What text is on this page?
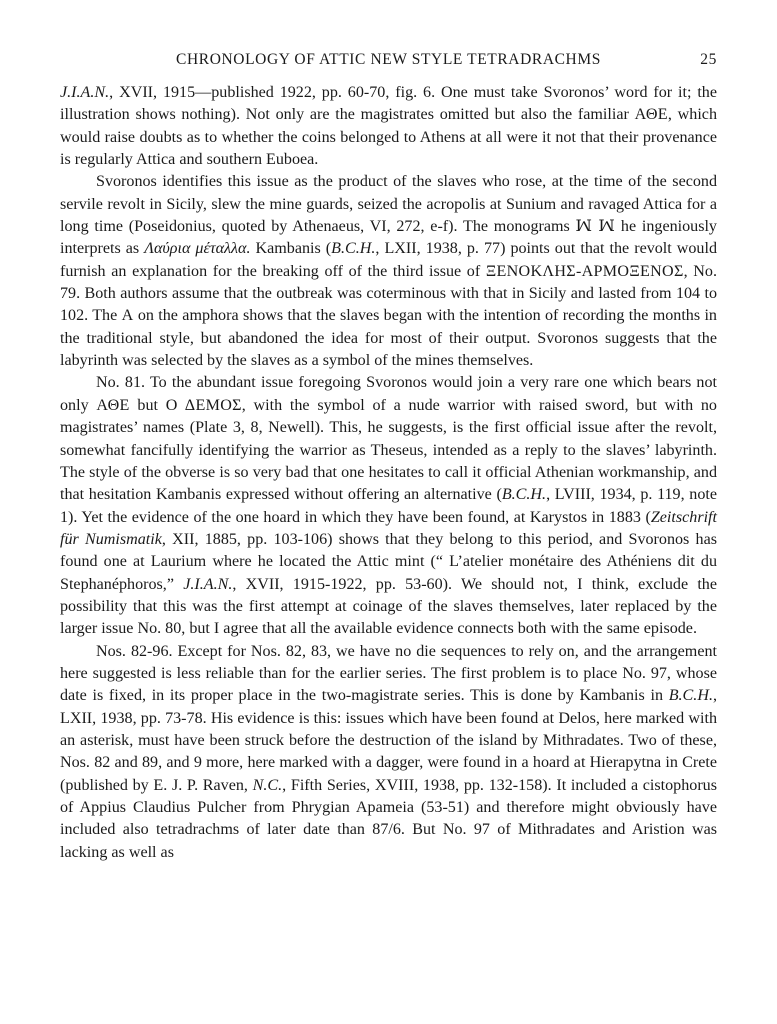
CHRONOLOGY OF ATTIC NEW STYLE TETRADRACHMS	25

J.I.A.N., XVII, 1915—published 1922, pp. 60-70, fig. 6. One must take Svoronos’ word for it; the illustration shows nothing). Not only are the magistrates omitted but also the familiar ΑΘΕ, which would raise doubts as to whether the coins belonged to Athens at all were it not that their provenance is regularly Attica and southern Euboea.

Svoronos identifies this issue as the product of the slaves who rose, at the time of the second servile revolt in Sicily, slew the mine guards, seized the acropolis at Sunium and ravaged Attica for a long time (Poseidonius, quoted by Athenaeus, VI, 272, e-f). The monograms ꟽ ꟽ he ingeniously interprets as Λαύρια μέταλλα. Kambanis (B.C.H., LXII, 1938, p. 77) points out that the revolt would furnish an explanation for the breaking off of the third issue of ΞΕΝΟΚΛΗΣ-ΑΡΜΟΞΕΝΟΣ, No. 79. Both authors assume that the outbreak was coterminous with that in Sicily and lasted from 104 to 102. The Α on the amphora shows that the slaves began with the intention of recording the months in the traditional style, but abandoned the idea for most of their output. Svoronos suggests that the labyrinth was selected by the slaves as a symbol of the mines themselves.

No. 81. To the abundant issue foregoing Svoronos would join a very rare one which bears not only ΑΘΕ but Ο ΔΕΜΟΣ, with the symbol of a nude warrior with raised sword, but with no magistrates’ names (Plate 3, 8, Newell). This, he suggests, is the first official issue after the revolt, somewhat fancifully identifying the warrior as Theseus, intended as a reply to the slaves’ labyrinth. The style of the obverse is so very bad that one hesitates to call it official Athenian workmanship, and that hesitation Kambanis expressed without offering an alternative (B.C.H., LVIII, 1934, p. 119, note 1). Yet the evidence of the one hoard in which they have been found, at Karystos in 1883 (Zeitschrift für Numismatik, XII, 1885, pp. 103-106) shows that they belong to this period, and Svoronos has found one at Laurium where he located the Attic mint (“ L’atelier monétaire des Athéniens dit du Stephanéphoros,” J.I.A.N., XVII, 1915-1922, pp. 53-60). We should not, I think, exclude the possibility that this was the first attempt at coinage of the slaves themselves, later replaced by the larger issue No. 80, but I agree that all the available evidence connects both with the same episode.

Nos. 82-96. Except for Nos. 82, 83, we have no die sequences to rely on, and the arrangement here suggested is less reliable than for the earlier series. The first problem is to place No. 97, whose date is fixed, in its proper place in the two-magistrate series. This is done by Kambanis in B.C.H., LXII, 1938, pp. 73-78. His evidence is this: issues which have been found at Delos, here marked with an asterisk, must have been struck before the destruction of the island by Mithradates. Two of these, Nos. 82 and 89, and 9 more, here marked with a dagger, were found in a hoard at Hierapytna in Crete (published by E. J. P. Raven, N.C., Fifth Series, XVIII, 1938, pp. 132-158). It included a cistophorus of Appius Claudius Pulcher from Phrygian Apameia (53-51) and therefore might obviously have included also tetradrachms of later date than 87/6. But No. 97 of Mithradates and Aristion was lacking as well as
